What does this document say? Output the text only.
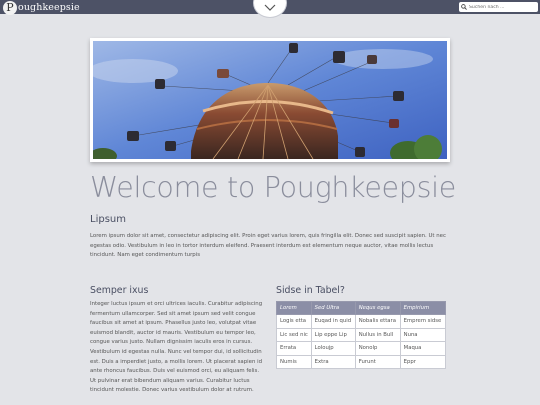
P oughkeepsie
Suchen nach ...
Welcome to Poughkeepsie
Lipsum

Lorem ipsum dolor sit amet, consectetur adipiscing elit. Proin eget varius lorem, quis fringilla elit. Donec sed suscipit sapien. Ut nec egestas odio. Vestibulum in leo in tortor interdum eleifend. Praesent interdum est elementum neque auctor, vitae mollis lectus tincidunt. Nam eget condimentum turpis

Semper ixus

Integer luctus ipsum et orci ultrices iaculis. Curabitur adipiscing fermentum ullamcorper. Sed sit amet ipsum sed velit congue faucibus sit amet at ipsum. Phasellus justo leo, volutpat vitae euismod blandit, auctor id mauris. Vestibulum eu tempor leo, congue varius justo. Nullam dignissim iaculis eros in cursus. Vestibulum id egestas nulla. Nunc vel tempor dui, id sollicitudin est. Duis a imperdiet justo, a mollis lorem. Ut placerat sapien id ante rhoncus faucibus. Duis vel euismod orci, eu aliquam felis. Ut pulvinar erat bibendum aliquam varius. Curabitur luctus tincidunt molestie. Donec varius vestibulum dolor at rutrum.

Sidse in Tabel?
Lorem	Sed Ultra	Nequs egsa	Empirium
Logis etta	Euqad in quid	Nobalis ettara	Emprem sidse
Lic sed nic	Lip eppe Lip	Nullus in Bull	Nuna
Errata	Loloujp	Nonolp	Maqua
Numis	Extra	Furunt	Eppr
